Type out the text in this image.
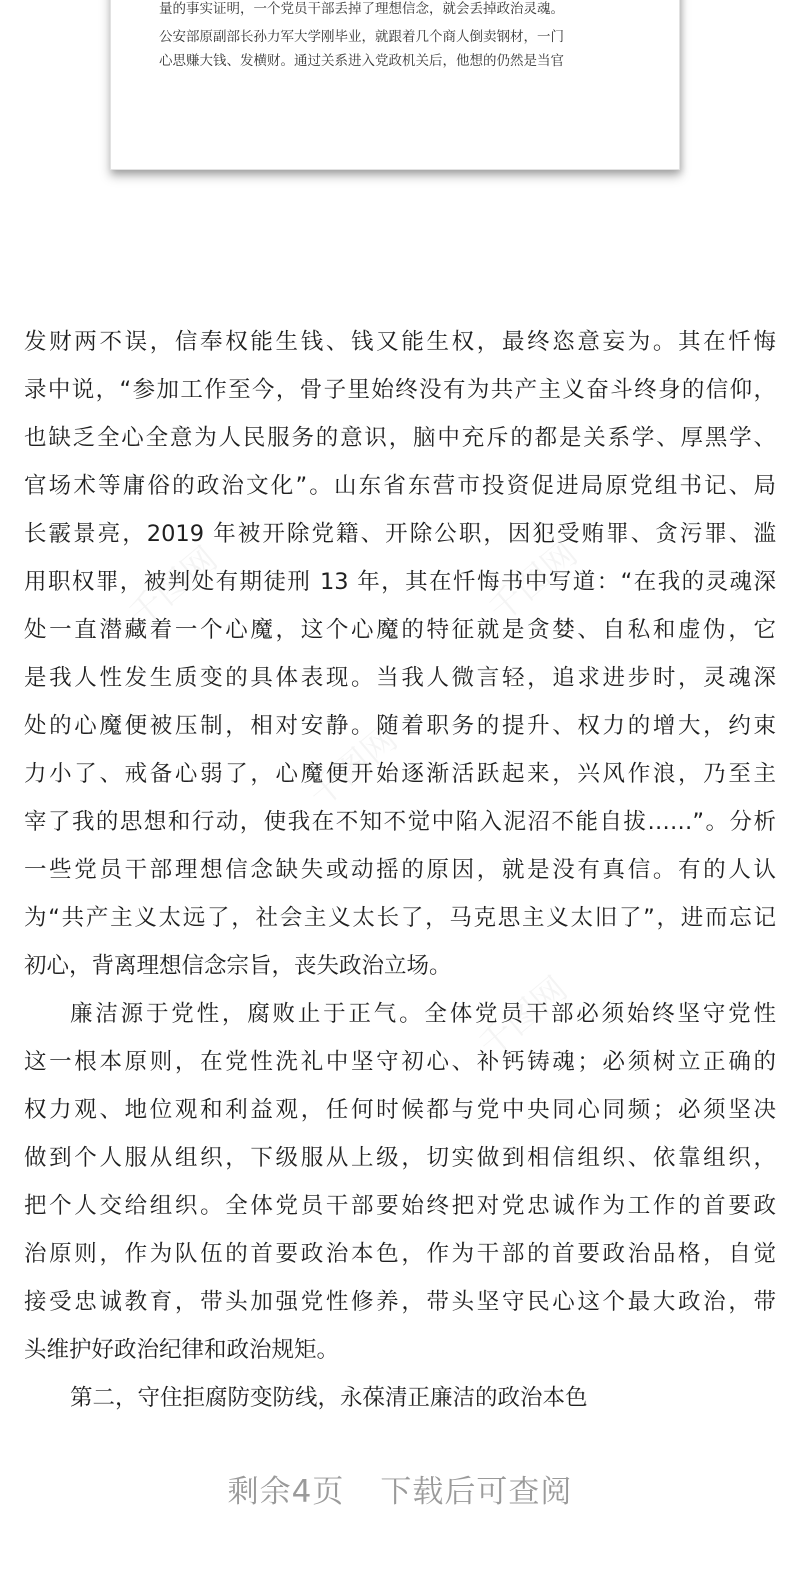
量的事实证明，一个党员干部丢掉了理想信念，就会丢掉政治灵魂。
公安部原副部长孙力军大学刚毕业，就跟着几个商人倒卖钢材，一门
心思赚大钱、发横财。通过关系进入党政机关后，他想的仍然是当官
发财两不误，信奉权能生钱、钱又能生权，最终恣意妄为。其在忏悔
录中说，“参加工作至今，骨子里始终没有为共产主义奋斗终身的信仰，
也缺乏全心全意为人民服务的意识，脑中充斥的都是关系学、厚黑学、
官场术等庸俗的政治文化”。山东省东营市投资促进局原党组书记、局
长霰景亮，2019 年被开除党籍、开除公职，因犯受贿罪、贪污罪、滥
用职权罪，被判处有期徒刑 13 年，其在忏悔书中写道：“在我的灵魂深
处一直潜藏着一个心魔，这个心魔的特征就是贪婪、自私和虚伪，它
是我人性发生质变的具体表现。当我人微言轻，追求进步时，灵魂深
处的心魔便被压制，相对安静。随着职务的提升、权力的增大，约束
力小了、戒备心弱了，心魔便开始逐渐活跃起来，兴风作浪，乃至主
宰了我的思想和行动，使我在不知不觉中陷入泥沼不能自拔……”。分析
一些党员干部理想信念缺失或动摇的原因，就是没有真信。有的人认
为“共产主义太远了，社会主义太长了，马克思主义太旧了”，进而忘记
初心，背离理想信念宗旨，丧失政治立场。
廉洁源于党性，腐败止于正气。全体党员干部必须始终坚守党性
这一根本原则，在党性洗礼中坚守初心、补钙铸魂；必须树立正确的
权力观、地位观和利益观，任何时候都与党中央同心同频；必须坚决
做到个人服从组织，下级服从上级，切实做到相信组织、依靠组织，
把个人交给组织。全体党员干部要始终把对党忠诚作为工作的首要政
治原则，作为队伍的首要政治本色，作为干部的首要政治品格，自觉
接受忠诚教育，带头加强党性修养，带头坚守民心这个最大政治，带
头维护好政治纪律和政治规矩。
第二，守住拒腐防变防线，永葆清正廉洁的政治本色
剩余4页 下载后可查阅
